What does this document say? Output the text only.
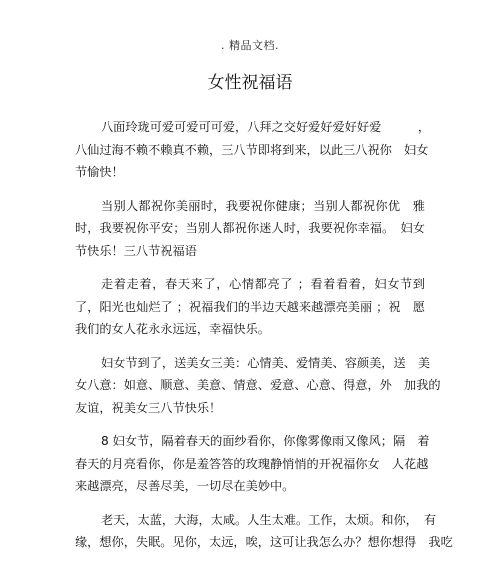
. 精品文档.
女性祝福语

八面玲珑可爱可爱可可爱，八拜之交好爱好爱好好爱　　　，
八仙过海不赖不赖真不赖，三八节即将到来，以此三八祝你　妇女
节愉快！

当别人都祝你美丽时，我要祝你健康；当别人都祝你优　雅
时，我要祝你平安；当别人都祝你迷人时，我要祝你幸福。　妇女
节快乐！三八节祝福语

走着走着，春天来了，心情都亮了 ；看着看着，妇女节到
了，阳光也灿烂了 ；祝福我们的半边天越来越漂亮美丽 ；祝　愿
我们的女人花永永远远，幸福快乐。

妇女节到了，送美女三美：心情美、爱情美、容颜美，送　美
女八意：如意、顺意、美意、情意、爱意、心意、得意，外　加我的
友谊，祝美女三八节快乐！

8 妇女节，隔着春天的面纱看你，你像雾像雨又像风；隔　着
春天的月亮看你，你是羞答答的玫瑰静悄悄的开祝福你女　人花越
来越漂亮，尽善尽美，一切尽在美妙中。

老天，太蓝，大海，太咸。人生太难。工作，太烦。和你，　有
缘，想你，失眠。见你，太远，唉，这可让我怎么办？想你想得　我吃
